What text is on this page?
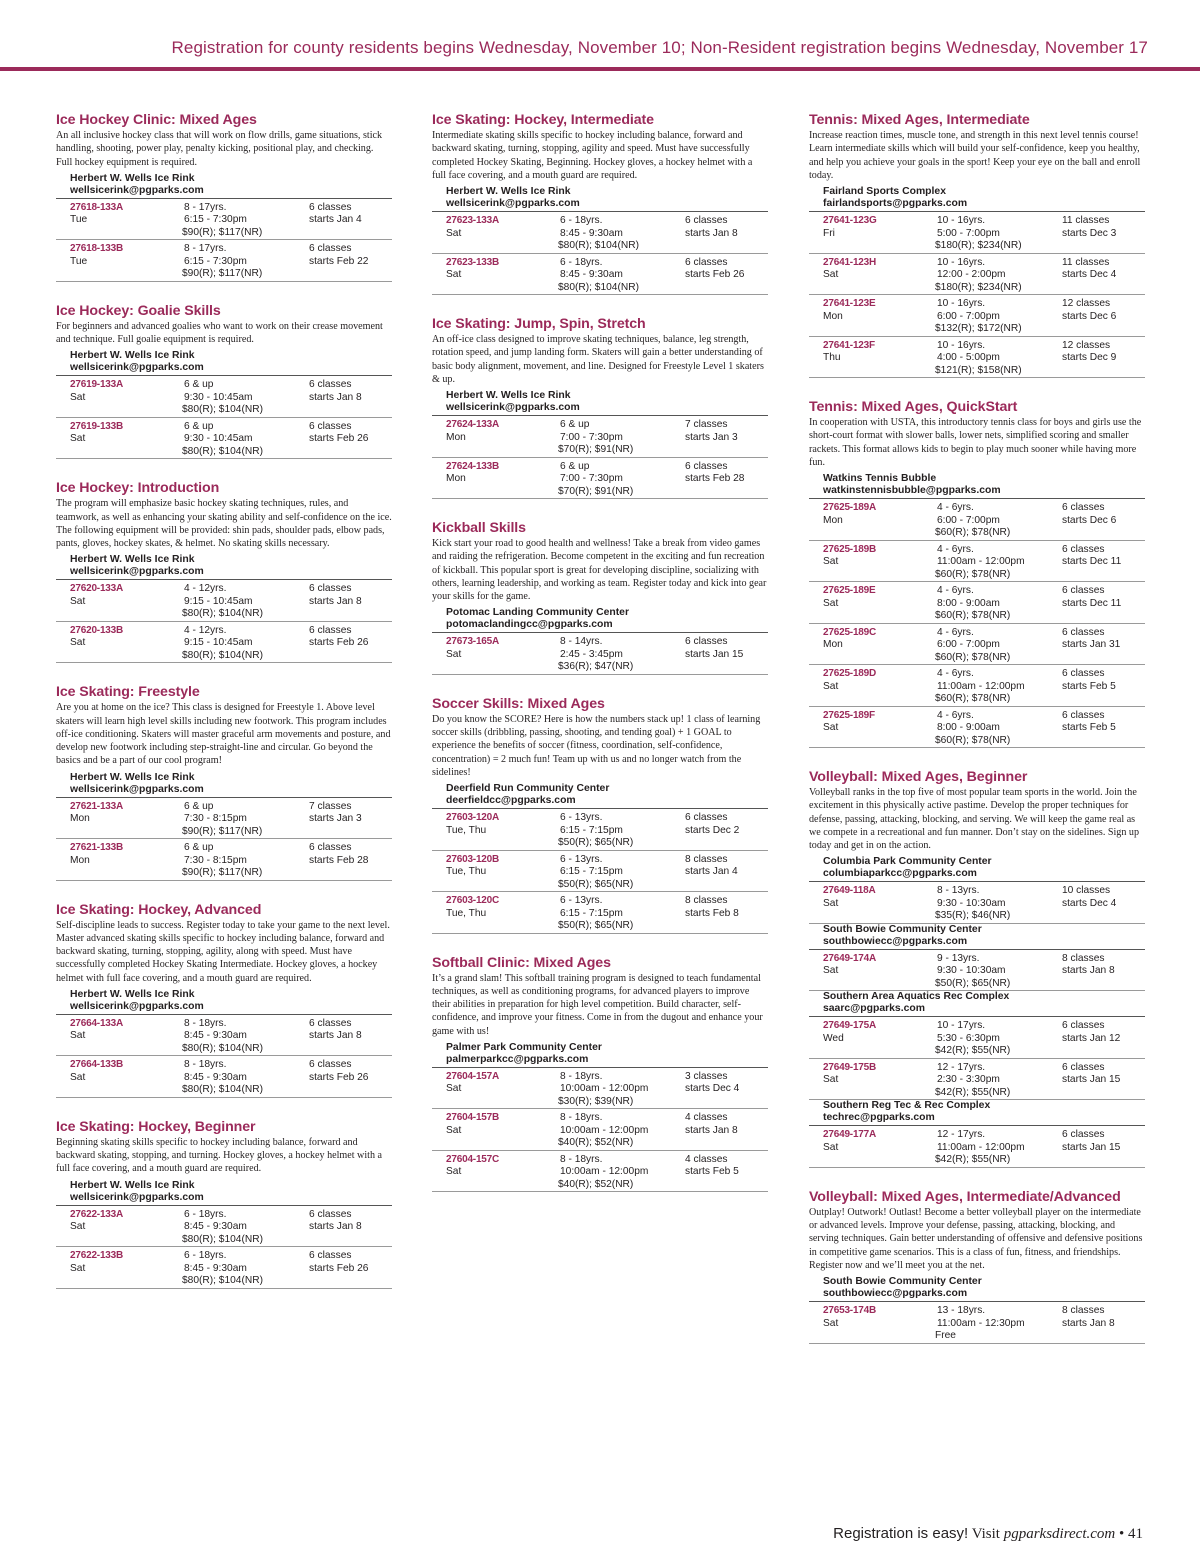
Registration for county residents begins Wednesday, November 10; Non-Resident registration begins Wednesday, November 17
Ice Hockey Clinic: Mixed Ages
An all inclusive hockey class that will work on flow drills, game situations, stick handling, shooting, power play, penalty kicking, positional play, and checking. Full hockey equipment is required.
Herbert W. Wells Ice Rink
wellsicerink@pgparks.com
27618-133A
Tue
8 - 17yrs.
6:15 - 7:30pm
$90(R); $117(NR)
6 classes
starts Jan 4
27618-133B
Tue
8 - 17yrs.
6:15 - 7:30pm
$90(R); $117(NR)
6 classes
starts Feb 22
Ice Hockey: Goalie Skills
For beginners and advanced goalies who want to work on their crease movement and technique. Full goalie equipment is required.
Herbert W. Wells Ice Rink
wellsicerink@pgparks.com
27619-133A
Sat
6 & up
9:30 - 10:45am
$80(R); $104(NR)
6 classes
starts Jan 8
27619-133B
Sat
6 & up
9:30 - 10:45am
$80(R); $104(NR)
6 classes
starts Feb 26
Ice Hockey: Introduction
The program will emphasize basic hockey skating techniques, rules, and teamwork, as well as enhancing your skating ability and self-confidence on the ice. The following equipment will be provided: shin pads, shoulder pads, elbow pads, pants, gloves, hockey skates, & helmet. No skating skills necessary.
Herbert W. Wells Ice Rink
wellsicerink@pgparks.com
27620-133A
Sat
4 - 12yrs.
9:15 - 10:45am
$80(R); $104(NR)
6 classes
starts Jan 8
27620-133B
Sat
4 - 12yrs.
9:15 - 10:45am
$80(R); $104(NR)
6 classes
starts Feb 26
Ice Skating: Freestyle
Are you at home on the ice? This class is designed for Freestyle 1. Above level skaters will learn high level skills including new footwork. This program includes off-ice conditioning. Skaters will master graceful arm movements and posture, and develop new footwork including step-straight-line and circular. Go beyond the basics and be a part of our cool program!
Herbert W. Wells Ice Rink
wellsicerink@pgparks.com
27621-133A
Mon
6 & up
7:30 - 8:15pm
$90(R); $117(NR)
7 classes
starts Jan 3
27621-133B
Mon
6 & up
7:30 - 8:15pm
$90(R); $117(NR)
6 classes
starts Feb 28
Ice Skating: Hockey, Advanced
Self-discipline leads to success. Register today to take your game to the next level. Master advanced skating skills specific to hockey including balance, forward and backward skating, turning, stopping, agility, along with speed. Must have successfully completed Hockey Skating Intermediate. Hockey gloves, a hockey helmet with full face covering, and a mouth guard are required.
Herbert W. Wells Ice Rink
wellsicerink@pgparks.com
27664-133A
Sat
8 - 18yrs.
8:45 - 9:30am
$80(R); $104(NR)
6 classes
starts Jan 8
27664-133B
Sat
8 - 18yrs.
8:45 - 9:30am
$80(R); $104(NR)
6 classes
starts Feb 26
Ice Skating: Hockey, Beginner
Beginning skating skills specific to hockey including balance, forward and backward skating, stopping, and turning. Hockey gloves, a hockey helmet with a full face covering, and a mouth guard are required.
Herbert W. Wells Ice Rink
wellsicerink@pgparks.com
27622-133A
Sat
6 - 18yrs.
8:45 - 9:30am
$80(R); $104(NR)
6 classes
starts Jan 8
27622-133B
Sat
6 - 18yrs.
8:45 - 9:30am
$80(R); $104(NR)
6 classes
starts Feb 26
Ice Skating: Hockey, Intermediate
Intermediate skating skills specific to hockey including balance, forward and backward skating, turning, stopping, agility and speed. Must have successfully completed Hockey Skating, Beginning. Hockey gloves, a hockey helmet with a full face covering, and a mouth guard are required.
Herbert W. Wells Ice Rink
wellsicerink@pgparks.com
27623-133A
Sat
6 - 18yrs.
8:45 - 9:30am
$80(R); $104(NR)
6 classes
starts Jan 8
27623-133B
Sat
6 - 18yrs.
8:45 - 9:30am
$80(R); $104(NR)
6 classes
starts Feb 26
Ice Skating: Jump, Spin, Stretch
An off-ice class designed to improve skating techniques, balance, leg strength, rotation speed, and jump landing form. Skaters will gain a better understanding of basic body alignment, movement, and line. Designed for Freestyle Level 1 skaters & up.
Herbert W. Wells Ice Rink
wellsicerink@pgparks.com
27624-133A
Mon
6 & up
7:00 - 7:30pm
$70(R); $91(NR)
7 classes
starts Jan 3
27624-133B
Mon
6 & up
7:00 - 7:30pm
$70(R); $91(NR)
6 classes
starts Feb 28
Kickball Skills
Kick start your road to good health and wellness! Take a break from video games and raiding the refrigeration. Become competent in the exciting and fun recreation of kickball. This popular sport is great for developing discipline, socializing with others, learning leadership, and working as team. Register today and kick into gear your skills for the game.
Potomac Landing Community Center
potomaclandingcc@pgparks.com
27673-165A
Sat
8 - 14yrs.
2:45 - 3:45pm
$36(R); $47(NR)
6 classes
starts Jan 15
Soccer Skills: Mixed Ages
Do you know the SCORE? Here is how the numbers stack up! 1 class of learning soccer skills (dribbling, passing, shooting, and tending goal) + 1 GOAL to experience the benefits of soccer (fitness, coordination, self-confidence, concentration) = 2 much fun! Team up with us and no longer watch from the sidelines!
Deerfield Run Community Center
deerfieldcc@pgparks.com
27603-120A
Tue, Thu
6 - 13yrs.
6:15 - 7:15pm
$50(R); $65(NR)
6 classes
starts Dec 2
27603-120B
Tue, Thu
6 - 13yrs.
6:15 - 7:15pm
$50(R); $65(NR)
8 classes
starts Jan 4
27603-120C
Tue, Thu
6 - 13yrs.
6:15 - 7:15pm
$50(R); $65(NR)
8 classes
starts Feb 8
Softball Clinic: Mixed Ages
It’s a grand slam! This softball training program is designed to teach fundamental techniques, as well as conditioning programs, for advanced players to improve their abilities in preparation for high level competition. Build character, self-confidence, and improve your fitness. Come in from the dugout and enhance your game with us!
Palmer Park Community Center
palmerparkcc@pgparks.com
27604-157A
Sat
8 - 18yrs.
10:00am - 12:00pm
$30(R); $39(NR)
3 classes
starts Dec 4
27604-157B
Sat
8 - 18yrs.
10:00am - 12:00pm
$40(R); $52(NR)
4 classes
starts Jan 8
27604-157C
Sat
8 - 18yrs.
10:00am - 12:00pm
$40(R); $52(NR)
4 classes
starts Feb 5
Tennis: Mixed Ages, Intermediate
Increase reaction times, muscle tone, and strength in this next level tennis course! Learn intermediate skills which will build your self-confidence, keep you healthy, and help you achieve your goals in the sport! Keep your eye on the ball and enroll today.
Fairland Sports Complex
fairlandsports@pgparks.com
27641-123G
Fri
10 - 16yrs.
5:00 - 7:00pm
$180(R); $234(NR)
11 classes
starts Dec 3
27641-123H
Sat
10 - 16yrs.
12:00 - 2:00pm
$180(R); $234(NR)
11 classes
starts Dec 4
27641-123E
Mon
10 - 16yrs.
6:00 - 7:00pm
$132(R); $172(NR)
12 classes
starts Dec 6
27641-123F
Thu
10 - 16yrs.
4:00 - 5:00pm
$121(R); $158(NR)
12 classes
starts Dec 9
Tennis: Mixed Ages, QuickStart
In cooperation with USTA, this introductory tennis class for boys and girls use the short-court format with slower balls, lower nets, simplified scoring and smaller rackets. This format allows kids to begin to play much sooner while having more fun.
Watkins Tennis Bubble
watkinstennisbubble@pgparks.com
27625-189A
Mon
4 - 6yrs.
6:00 - 7:00pm
$60(R); $78(NR)
6 classes
starts Dec 6
27625-189B
Sat
4 - 6yrs.
11:00am - 12:00pm
$60(R); $78(NR)
6 classes
starts Dec 11
27625-189E
Sat
4 - 6yrs.
8:00 - 9:00am
$60(R); $78(NR)
6 classes
starts Dec 11
27625-189C
Mon
4 - 6yrs.
6:00 - 7:00pm
$60(R); $78(NR)
6 classes
starts Jan 31
27625-189D
Sat
4 - 6yrs.
11:00am - 12:00pm
$60(R); $78(NR)
6 classes
starts Feb 5
27625-189F
Sat
4 - 6yrs.
8:00 - 9:00am
$60(R); $78(NR)
6 classes
starts Feb 5
Volleyball: Mixed Ages, Beginner
Volleyball ranks in the top five of most popular team sports in the world. Join the excitement in this physically active pastime. Develop the proper techniques for defense, passing, attacking, blocking, and serving. We will keep the game real as we compete in a recreational and fun manner. Don’t stay on the sidelines. Sign up today and get in on the action.
Columbia Park Community Center
columbiaparkcc@pgparks.com
27649-118A
Sat
8 - 13yrs.
9:30 - 10:30am
$35(R); $46(NR)
10 classes
starts Dec 4
South Bowie Community Center
southbowiecc@pgparks.com
27649-174A
Sat
9 - 13yrs.
9:30 - 10:30am
$50(R); $65(NR)
8 classes
starts Jan 8
Southern Area Aquatics Rec Complex
saarc@pgparks.com
27649-175A
Wed
10 - 17yrs.
5:30 - 6:30pm
$42(R); $55(NR)
6 classes
starts Jan 12
27649-175B
Sat
12 - 17yrs.
2:30 - 3:30pm
$42(R); $55(NR)
6 classes
starts Jan 15
Southern Reg Tec & Rec Complex
techrec@pgparks.com
27649-177A
Sat
12 - 17yrs.
11:00am - 12:00pm
$42(R); $55(NR)
6 classes
starts Jan 15
Volleyball: Mixed Ages, Intermediate/Advanced
Outplay! Outwork! Outlast! Become a better volleyball player on the intermediate or advanced levels. Improve your defense, passing, attacking, blocking, and serving techniques. Gain better understanding of offensive and defensive positions in competitive game scenarios. This is a class of fun, fitness, and friendships. Register now and we’ll meet you at the net.
South Bowie Community Center
southbowiecc@pgparks.com
27653-174B
Sat
13 - 18yrs.
11:00am - 12:30pm
Free
8 classes
starts Jan 8
Registration is easy! Visit pgparksdirect.com • 41
